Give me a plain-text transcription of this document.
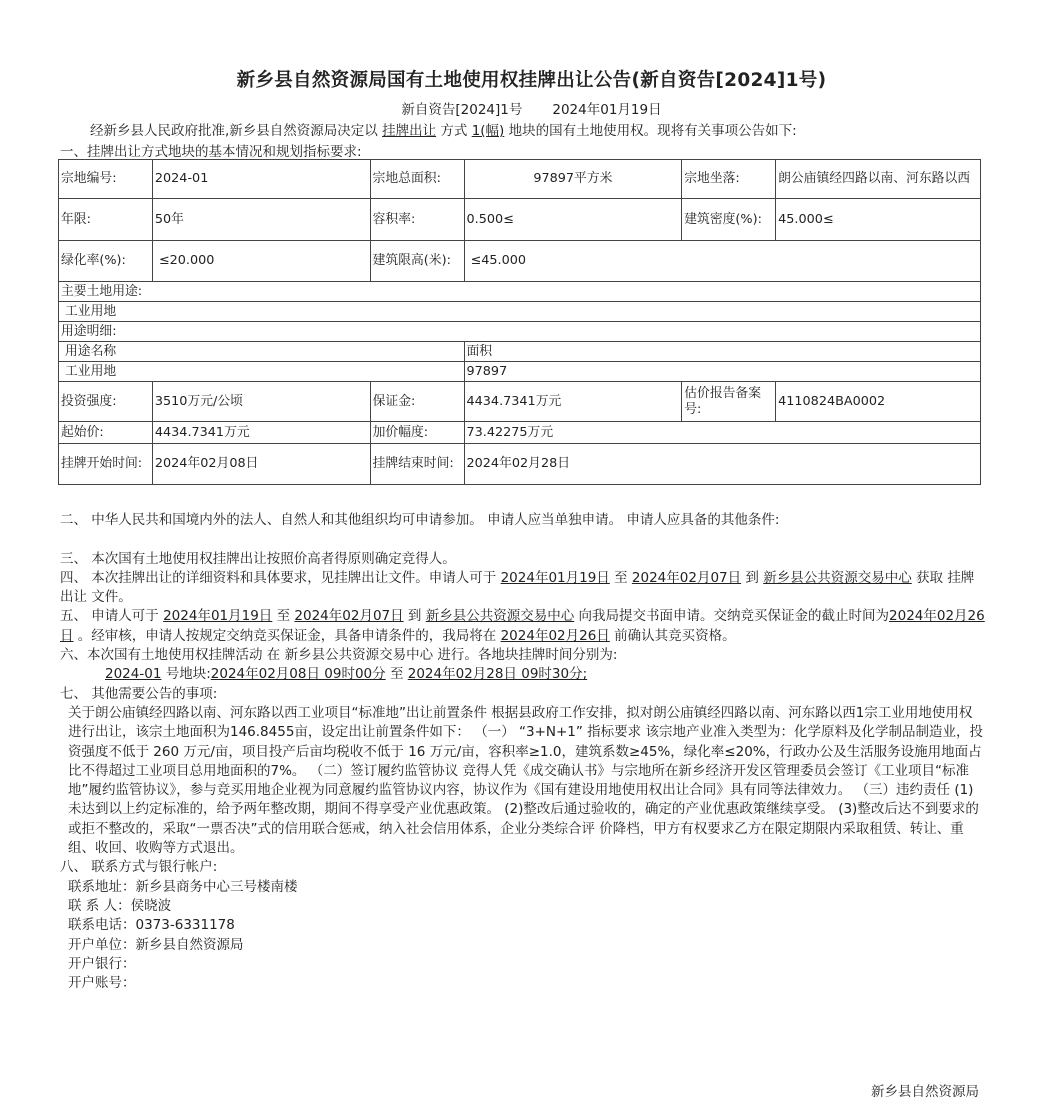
新乡县自然资源局国有土地使用权挂牌出让公告(新自资告[2024]1号)
新自资告[2024]1号 2024年01月19日
经新乡县人民政府批准,新乡县自然资源局决定以 挂牌出让 方式 1(幅) 地块的国有土地使用权。现将有关事项公告如下:
一、挂牌出让方式地块的基本情况和规划指标要求:
宗地编号:	2024-01	宗地总面积:	97897平方米	宗地坐落:	朗公庙镇经四路以南、河东路以西
年限:	50年	容积率:	0.500≤	建筑密度(%):	45.000≤
绿化率(%):	≤20.000	建筑限高(米):	≤45.000		
主要土地用途:					
工业用地					
用途明细:					
用途名称			面积		
工业用地			97897		
投资强度:	3510万元/公顷	保证金:	4434.7341万元	估价报告备案号:	4110824BA0002
起始价:	4434.7341万元	加价幅度:	73.42275万元		
挂牌开始时间:	2024年02月08日	挂牌结束时间:	2024年02月28日		

二、 中华人民共和国境内外的法人、自然人和其他组织均可申请参加。 申请人应当单独申请。 申请人应具备的其他条件:

三、 本次国有土地使用权挂牌出让按照价高者得原则确定竞得人。

四、 本次挂牌出让的详细资料和具体要求，见挂牌出让文件。申请人可于 2024年01月19日 至 2024年02月07日 到 新乡县公共资源交易中心 获取 挂牌出让 文件。

五、 申请人可于 2024年01月19日 至 2024年02月07日 到 新乡县公共资源交易中心 向我局提交书面申请。交纳竞买保证金的截止时间为2024年02月26日 。经审核，申请人按规定交纳竞买保证金，具备申请条件的，我局将在 2024年02月26日 前确认其竞买资格。

六、本次国有土地使用权挂牌活动 在 新乡县公共资源交易中心 进行。各地块挂牌时间分别为:

2024-01 号地块:2024年02月08日 09时00分 至 2024年02月28日 09时30分;

七、 其他需要公告的事项:

关于朗公庙镇经四路以南、河东路以西工业项目“标准地”出让前置条件 根据县政府工作安排，拟对朗公庙镇经四路以南、河东路以西1宗工业用地使用权进行出让，该宗土地面积为146.8455亩，设定出让前置条件如下： （一） “3+N+1” 指标要求 该宗地产业准入类型为：化学原料及化学制品制造业，投资强度不低于 260 万元/亩，项目投产后亩均税收不低于 16 万元/亩，容积率≥1.0，建筑系数≥45%，绿化率≤20%，行政办公及生活服务设施用地面占比不得超过工业项目总用地面积的7%。 （二）签订履约监管协议 竞得人凭《成交确认书》与宗地所在新乡经济开发区管理委员会签订《工业项目“标准地”履约监管协议》，参与竞买用地企业视为同意履约监管协议内容，协议作为《国有建设用地使用权出让合同》具有同等法律效力。 （三）违约责任 (1)未达到以上约定标准的，给予两年整改期，期间不得享受产业优惠政策。 (2)整改后通过验收的，确定的产业优惠政策继续享受。 (3)整改后达不到要求的或拒不整改的，采取“一票否决”式的信用联合惩戒，纳入社会信用体系，企业分类综合评 价降档，甲方有权要求乙方在限定期限内采取租赁、转让、重组、收回、收购等方式退出。

八、 联系方式与银行帐户:

联系地址：新乡县商务中心三号楼南楼

联 系 人：侯晓波

联系电话：0373-6331178

开户单位：新乡县自然资源局

开户银行：

开户账号：

新乡县自然资源局
